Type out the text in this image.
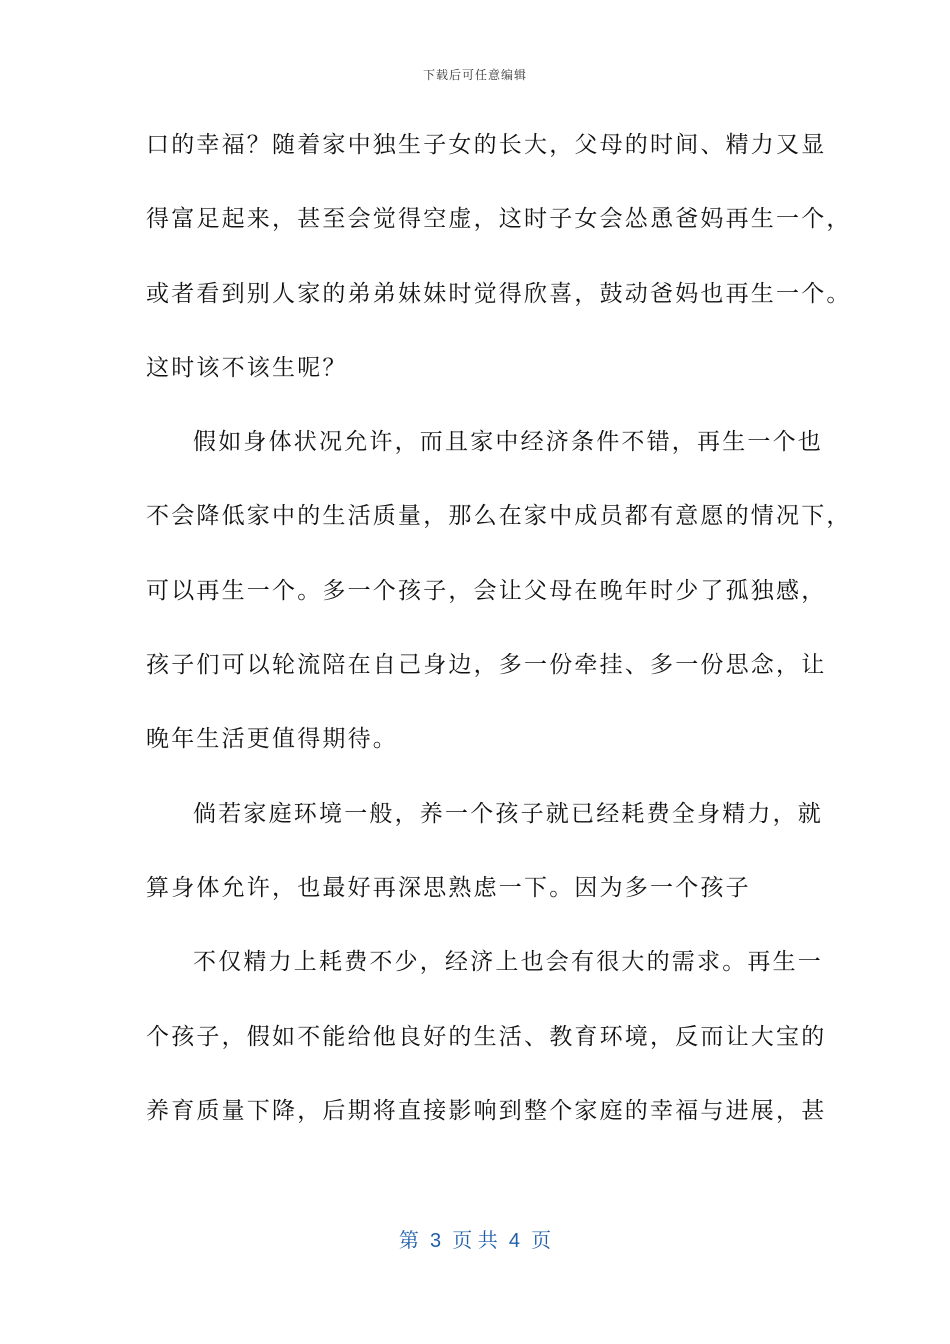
下载后可任意编辑
口的幸福？随着家中独生子女的长大，父母的时间、精力又显
得富足起来，甚至会觉得空虚，这时子女会怂恿爸妈再生一个，
或者看到别人家的弟弟妹妹时觉得欣喜，鼓动爸妈也再生一个。
这时该不该生呢？
假如身体状况允许，而且家中经济条件不错，再生一个也
不会降低家中的生活质量，那么在家中成员都有意愿的情况下，
可以再生一个。多一个孩子，会让父母在晚年时少了孤独感，
孩子们可以轮流陪在自己身边，多一份牵挂、多一份思念，让
晚年生活更值得期待。
倘若家庭环境一般，养一个孩子就已经耗费全身精力，就
算身体允许，也最好再深思熟虑一下。因为多一个孩子
不仅精力上耗费不少，经济上也会有很大的需求。再生一
个孩子，假如不能给他良好的生活、教育环境，反而让大宝的
养育质量下降，后期将直接影响到整个家庭的幸福与进展，甚
第  3  页 共  4  页
